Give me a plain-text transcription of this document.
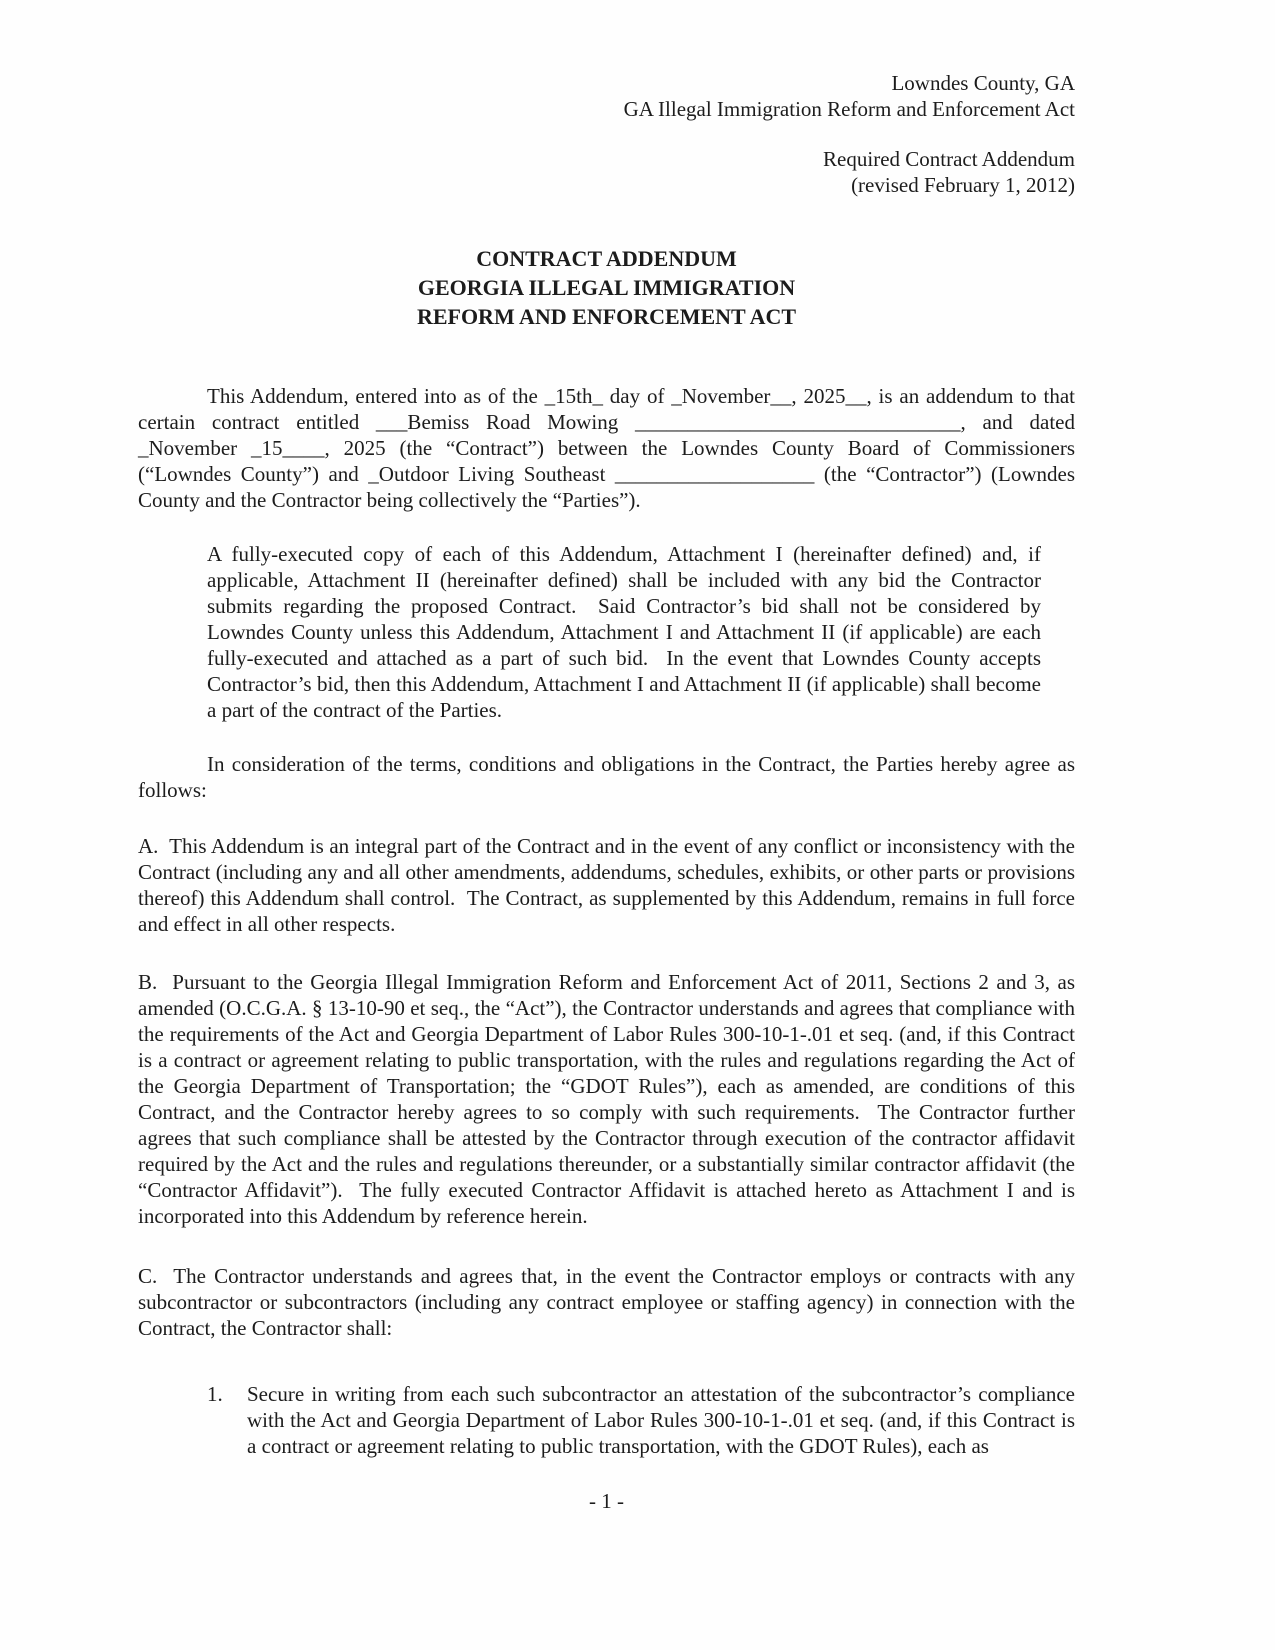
Lowndes County, GA
GA Illegal Immigration Reform and Enforcement Act
Required Contract Addendum
(revised February 1, 2012)
CONTRACT ADDENDUM
GEORGIA ILLEGAL IMMIGRATION
REFORM AND ENFORCEMENT ACT

This Addendum, entered into as of the _15th_ day of _November__, 2025__, is an addendum to that certain contract entitled ___Bemiss Road Mowing _______________________________, and dated _November _15____, 2025 (the “Contract”) between the Lowndes County Board of Commissioners (“Lowndes County”) and _Outdoor Living Southeast ___________________ (the “Contractor”) (Lowndes County and the Contractor being collectively the “Parties”).

A fully-executed copy of each of this Addendum, Attachment I (hereinafter defined) and, if applicable, Attachment II (hereinafter defined) shall be included with any bid the Contractor submits regarding the proposed Contract.  Said Contractor’s bid shall not be considered by Lowndes County unless this Addendum, Attachment I and Attachment II (if applicable) are each fully-executed and attached as a part of such bid.  In the event that Lowndes County accepts Contractor’s bid, then this Addendum, Attachment I and Attachment II (if applicable) shall become a part of the contract of the Parties.

In consideration of the terms, conditions and obligations in the Contract, the Parties hereby agree as follows:

A.  This Addendum is an integral part of the Contract and in the event of any conflict or inconsistency with the Contract (including any and all other amendments, addendums, schedules, exhibits, or other parts or provisions thereof) this Addendum shall control.  The Contract, as supplemented by this Addendum, remains in full force and effect in all other respects.

B.  Pursuant to the Georgia Illegal Immigration Reform and Enforcement Act of 2011, Sections 2 and 3, as amended (O.C.G.A. § 13-10-90 et seq., the “Act”), the Contractor understands and agrees that compliance with the requirements of the Act and Georgia Department of Labor Rules 300-10-1-.01 et seq. (and, if this Contract is a contract or agreement relating to public transportation, with the rules and regulations regarding the Act of the Georgia Department of Transportation; the “GDOT Rules”), each as amended, are conditions of this Contract, and the Contractor hereby agrees to so comply with such requirements.  The Contractor further agrees that such compliance shall be attested by the Contractor through execution of the contractor affidavit required by the Act and the rules and regulations thereunder, or a substantially similar contractor affidavit (the “Contractor Affidavit”).  The fully executed Contractor Affidavit is attached hereto as Attachment I and is incorporated into this Addendum by reference herein.

C.  The Contractor understands and agrees that, in the event the Contractor employs or contracts with any subcontractor or subcontractors (including any contract employee or staffing agency) in connection with the Contract, the Contractor shall:

1.	Secure in writing from each such subcontractor an attestation of the subcontractor’s compliance with the Act and Georgia Department of Labor Rules 300-10-1-.01 et seq. (and, if this Contract is a contract or agreement relating to public transportation, with the GDOT Rules), each as
- 1 -
